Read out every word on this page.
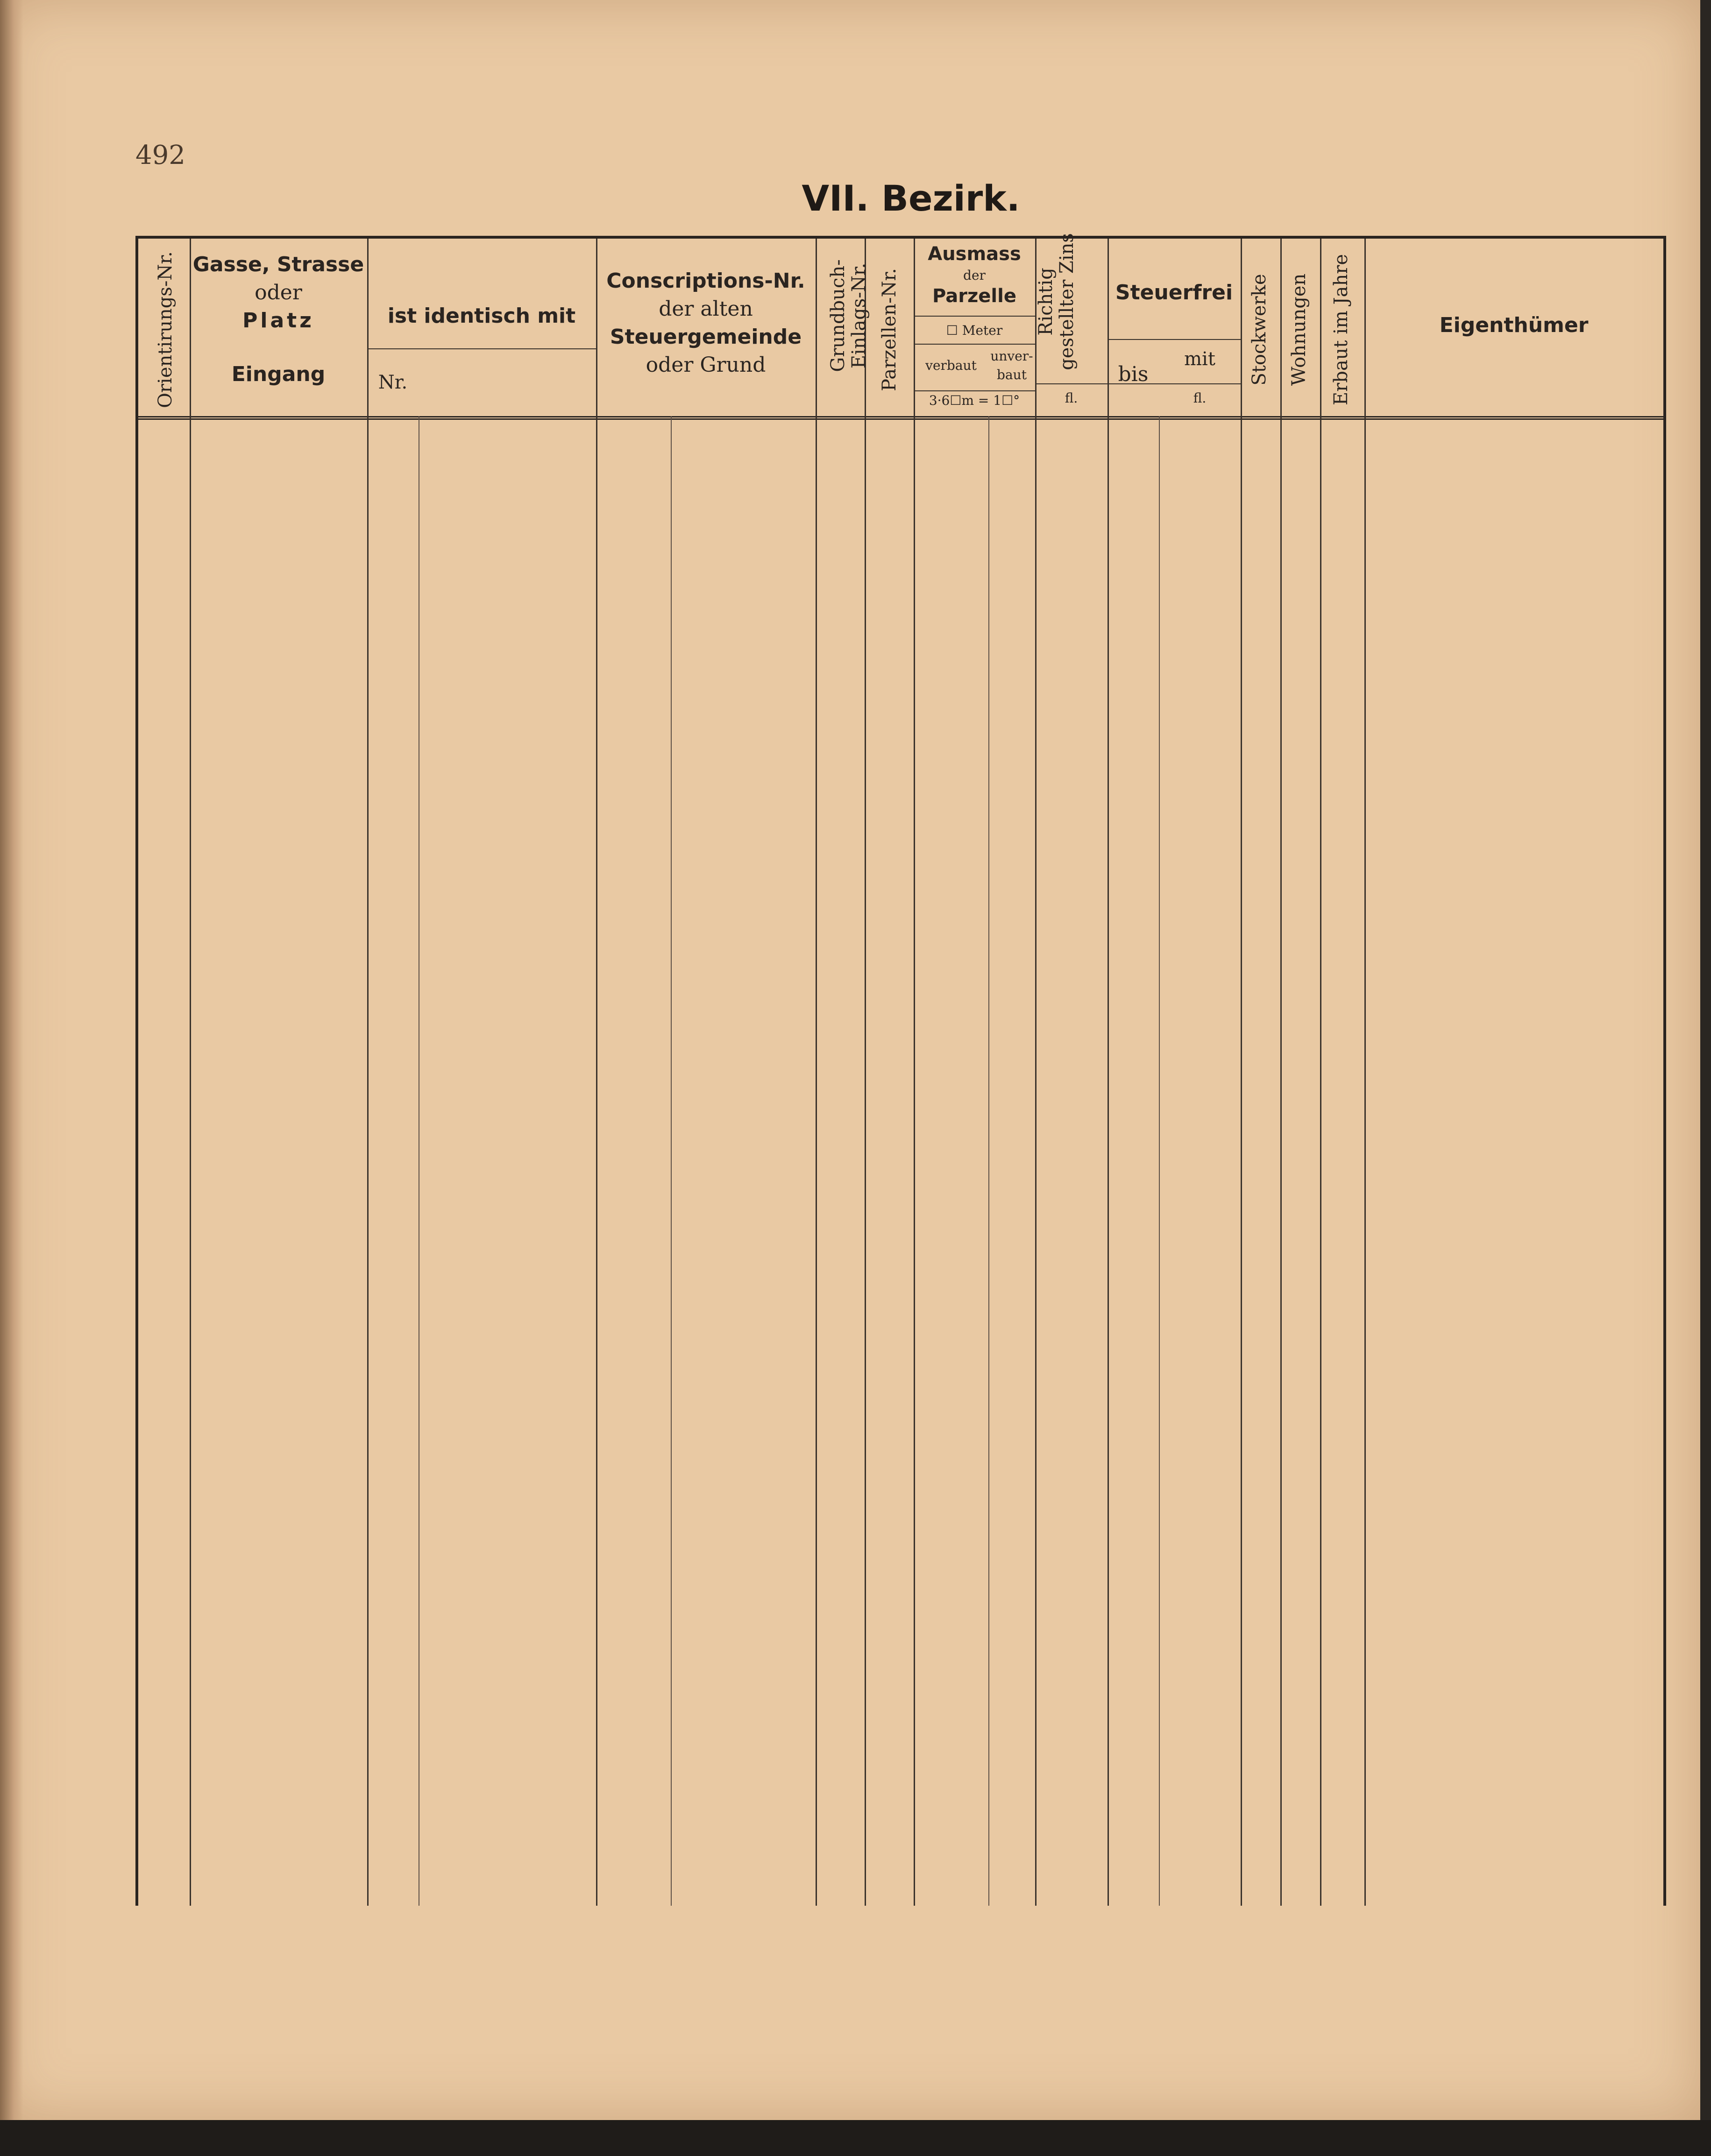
492
VII. Bezirk.
Orientirungs-Nr. Gasse, Strasse
oder
Platz
Eingang
ist identisch mit
Nr.
Conscriptions-Nr.
der alten
Steuergemeinde
oder Grund	Grundbuch- Einlags-Nr. Parzellen-Nr.
Ausmass
der
Parzelle
☐ Meter
verbaut
unver-
baut
3·6☐m = 1☐°
Richtig gestellter Zins
fl.
Steuerfrei
bis
mit
fl.
Stockwerke Wohnungen Erbaut im Jahre	Eigenthümer
